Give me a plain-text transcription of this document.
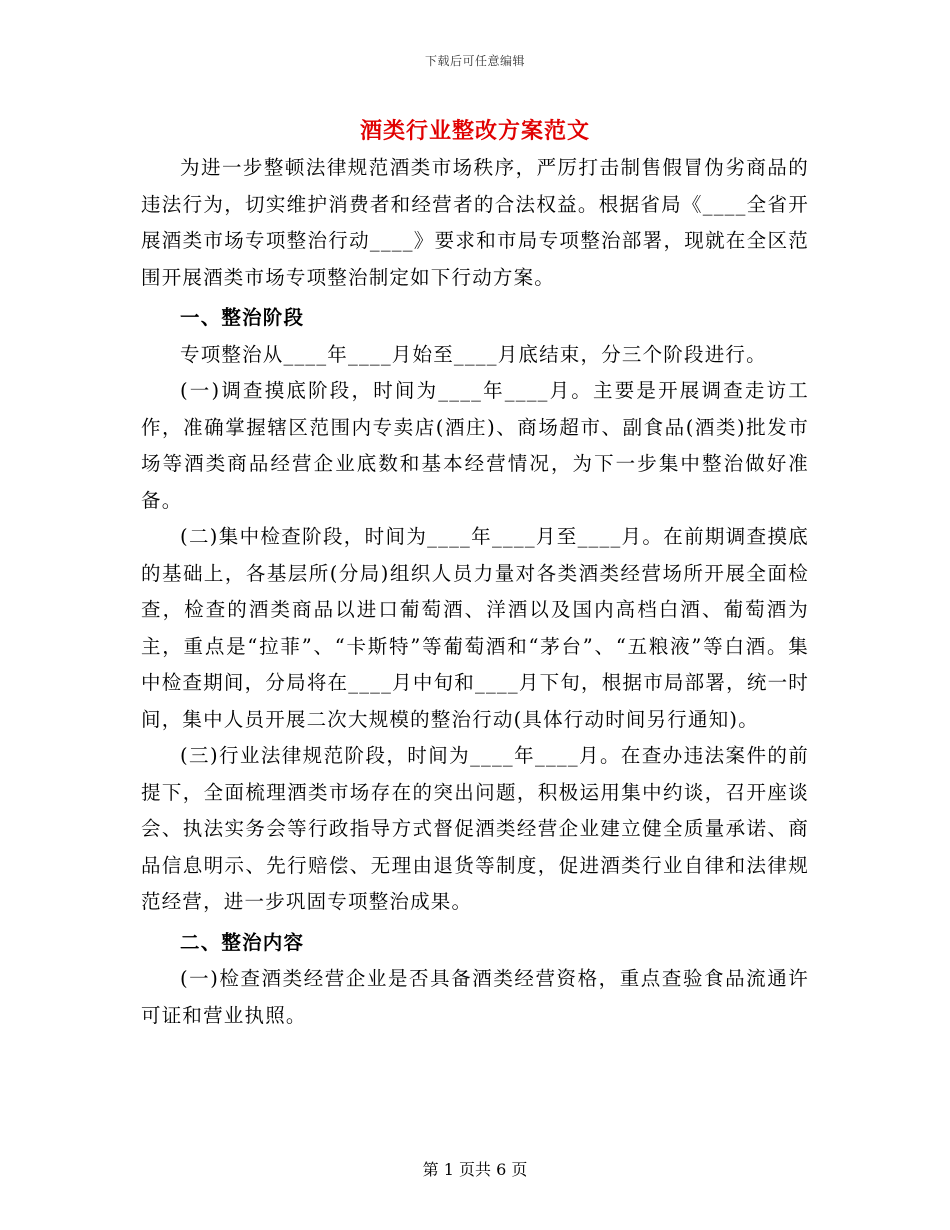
下载后可任意编辑
酒类行业整改方案范文

为进一步整顿法律规范酒类市场秩序，严厉打击制售假冒伪劣商品的违法行为，切实维护消费者和经营者的合法权益。根据省局《____全省开展酒类市场专项整治行动____》要求和市局专项整治部署，现就在全区范围开展酒类市场专项整治制定如下行动方案。

一、整治阶段

专项整治从____年____月始至____月底结束，分三个阶段进行。

(一)调查摸底阶段，时间为____年____月。主要是开展调查走访工作，准确掌握辖区范围内专卖店(酒庄)、商场超市、副食品(酒类)批发市场等酒类商品经营企业底数和基本经营情况，为下一步集中整治做好准备。

(二)集中检查阶段，时间为____年____月至____月。在前期调查摸底的基础上，各基层所(分局)组织人员力量对各类酒类经营场所开展全面检查，检查的酒类商品以进口葡萄酒、洋酒以及国内高档白酒、葡萄酒为主，重点是“拉菲”、“卡斯特”等葡萄酒和“茅台”、“五粮液”等白酒。集中检查期间，分局将在____月中旬和____月下旬，根据市局部署，统一时间，集中人员开展二次大规模的整治行动(具体行动时间另行通知)。

(三)行业法律规范阶段，时间为____年____月。在查办违法案件的前提下，全面梳理酒类市场存在的突出问题，积极运用集中约谈，召开座谈会、执法实务会等行政指导方式督促酒类经营企业建立健全质量承诺、商品信息明示、先行赔偿、无理由退货等制度，促进酒类行业自律和法律规范经营，进一步巩固专项整治成果。

二、整治内容

(一)检查酒类经营企业是否具备酒类经营资格，重点查验食品流通许可证和营业执照。

第 1 页共 6 页
